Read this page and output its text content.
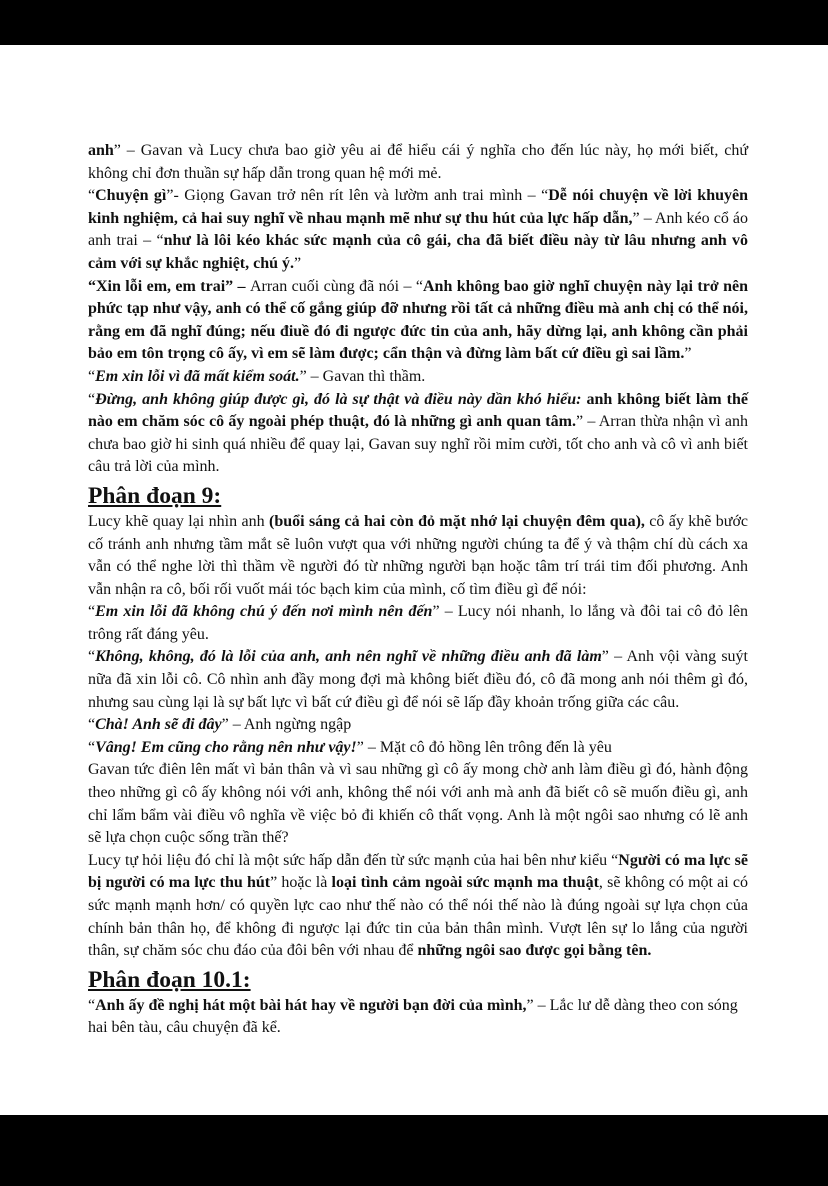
anh” – Gavan và Lucy chưa bao giờ yêu ai để hiểu cái ý nghĩa cho đến lúc này, họ mới biết, chứ không chỉ đơn thuần sự hấp dẫn trong quan hệ mới mẻ.

“Chuyện gì”- Giọng Gavan trở nên rít lên và lườm anh trai mình – “Dễ nói chuyện về lời khuyên kinh nghiệm, cả hai suy nghĩ về nhau mạnh mẽ như sự thu hút của lực hấp dẫn,” – Anh kéo cổ áo anh trai – “như là lôi kéo khác sức mạnh của cô gái, cha đã biết điều này từ lâu nhưng anh vô cảm với sự khắc nghiệt, chú ý.”

“Xin lỗi em, em trai” – Arran cuối cùng đã nói – “Anh không bao giờ nghĩ chuyện này lại trở nên phức tạp như vậy, anh có thể cố gắng giúp đỡ nhưng rồi tất cả những điều mà anh chị có thể nói, rằng em đã nghĩ đúng; nếu điuề đó đi ngược đức tin của anh, hãy dừng lại, anh không cần phải bảo em tôn trọng cô ấy, vì em sẽ làm được; cẩn thận và đừng làm bất cứ điều gì sai lầm.”

“Em xin lỗi vì đã mất kiểm soát.” – Gavan thì thầm.

“Đừng, anh không giúp được gì, đó là sự thật và điều này dần khó hiểu: anh không biết làm thế nào em chăm sóc cô ấy ngoài phép thuật, đó là những gì anh quan tâm.” – Arran thừa nhận vì anh chưa bao giờ hi sinh quá nhiều để quay lại, Gavan suy nghĩ rồi mỉm cười, tốt cho anh và cô vì anh biết câu trả lời của mình.

Phân đoạn 9:

Lucy khẽ quay lại nhìn anh (buổi sáng cả hai còn đỏ mặt nhớ lại chuyện đêm qua), cô ấy khẽ bước cố tránh anh nhưng tầm mắt sẽ luôn vượt qua với những người chúng ta để ý và thậm chí dù cách xa vẫn có thể nghe lời thì thầm về người đó từ những người bạn hoặc tâm trí trái tim đối phương. Anh vẫn nhận ra cô, bối rối vuốt mái tóc bạch kim của mình, cố tìm điều gì để nói:

“Em xin lỗi đã không chú ý đến nơi mình nên đến” – Lucy nói nhanh, lo lắng và đôi tai cô đỏ lên trông rất đáng yêu.

“Không, không, đó là lỗi của anh, anh nên nghĩ về những điều anh đã làm” – Anh vội vàng suýt nữa đã xin lỗi cô. Cô nhìn anh đầy mong đợi mà không biết điều đó, cô đã mong anh nói thêm gì đó, nhưng sau cùng lại là sự bất lực vì bất cứ điều gì để nói sẽ lấp đầy khoản trống giữa các câu.

“Chà! Anh sẽ đi đây” – Anh ngừng ngập

“Vâng! Em cũng cho rằng nên như vậy!” – Mặt cô đỏ hồng lên trông đến là yêu

Gavan tức điên lên mất vì bản thân và vì sau những gì cô ấy mong chờ anh làm điều gì đó, hành động theo những gì cô ấy không nói với anh, không thể nói với anh mà anh đã biết cô sẽ muốn điều gì, anh chỉ lẩm bẩm vài điều vô nghĩa về việc bỏ đi khiến cô thất vọng. Anh là một ngôi sao nhưng có lẽ anh sẽ lựa chọn cuộc sống trần thế?

Lucy tự hỏi liệu đó chỉ là một sức hấp dẫn đến từ sức mạnh của hai bên như kiểu “Người có ma lực sẽ bị người có ma lực thu hút” hoặc là loại tình cảm ngoài sức mạnh ma thuật, sẽ không có một ai có sức mạnh mạnh hơn/ có quyền lực cao như thế nào có thể nói thế nào là đúng ngoài sự lựa chọn của chính bản thân họ, để không đi ngược lại đức tin của bản thân mình. Vượt lên sự lo lắng của người thân, sự chăm sóc chu đáo của đôi bên với nhau để những ngôi sao được gọi bằng tên.

Phân đoạn 10.1:

“Anh ấy đề nghị hát một bài hát hay về người bạn đời của mình,” – Lắc lư dễ dàng theo con sóng hai bên tàu, câu chuyện đã kể.
